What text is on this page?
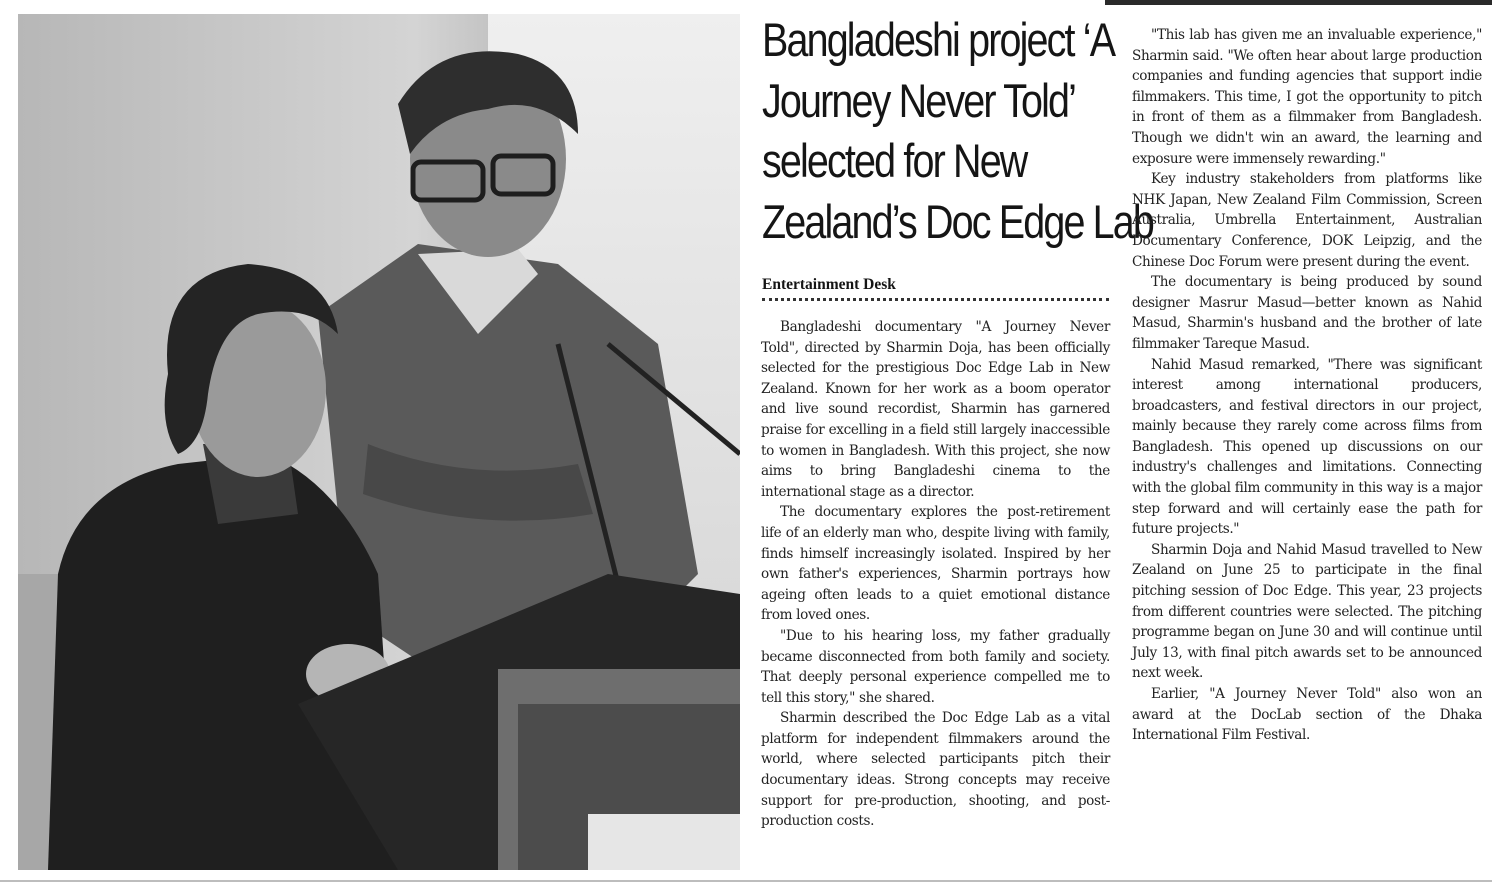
Bangladeshi project ‘A
Journey Never Told’
selected for New
Zealand’s Doc Edge Lab
Entertainment Desk

Bangladeshi documentary "A Journey Never Told", directed by Sharmin Doja, has been officially selected for the prestigious Doc Edge Lab in New Zealand. Known for her work as a boom operator and live sound recordist, Sharmin has garnered praise for excelling in a field still largely inaccessible to women in Bangladesh. With this project, she now aims to bring Bangladeshi cinema to the international stage as a director.

The documentary explores the post-retirement life of an elderly man who, despite living with family, finds himself increasingly isolated. Inspired by her own father's experiences, Sharmin portrays how ageing often leads to a quiet emotional distance from loved ones.

"Due to his hearing loss, my father gradually became disconnected from both family and society. That deeply personal experience compelled me to tell this story," she shared.

Sharmin described the Doc Edge Lab as a vital platform for independent filmmakers around the world, where selected participants pitch their documentary ideas. Strong concepts may receive support for pre-production, shooting, and post-production costs.

"This lab has given me an invaluable experience," Sharmin said. "We often hear about large production companies and funding agencies that support indie filmmakers. This time, I got the opportunity to pitch in front of them as a filmmaker from Bangladesh. Though we didn't win an award, the learning and exposure were immensely rewarding."

Key industry stakeholders from platforms like NHK Japan, New Zealand Film Commission, Screen Australia, Umbrella Entertainment, Australian Documentary Conference, DOK Leipzig, and the Chinese Doc Forum were present during the event.

The documentary is being produced by sound designer Masrur Masud—better known as Nahid Masud, Sharmin's husband and the brother of late filmmaker Tareque Masud.

Nahid Masud remarked, "There was significant interest among international producers, broadcasters, and festival directors in our project, mainly because they rarely come across films from Bangladesh. This opened up discussions on our industry's challenges and limitations. Connecting with the global film community in this way is a major step forward and will certainly ease the path for future projects."

Sharmin Doja and Nahid Masud travelled to New Zealand on June 25 to participate in the final pitching session of Doc Edge. This year, 23 projects from different countries were selected. The pitching programme began on June 30 and will continue until July 13, with final pitch awards set to be announced next week.

Earlier, "A Journey Never Told" also won an award at the DocLab section of the Dhaka International Film Festival.
